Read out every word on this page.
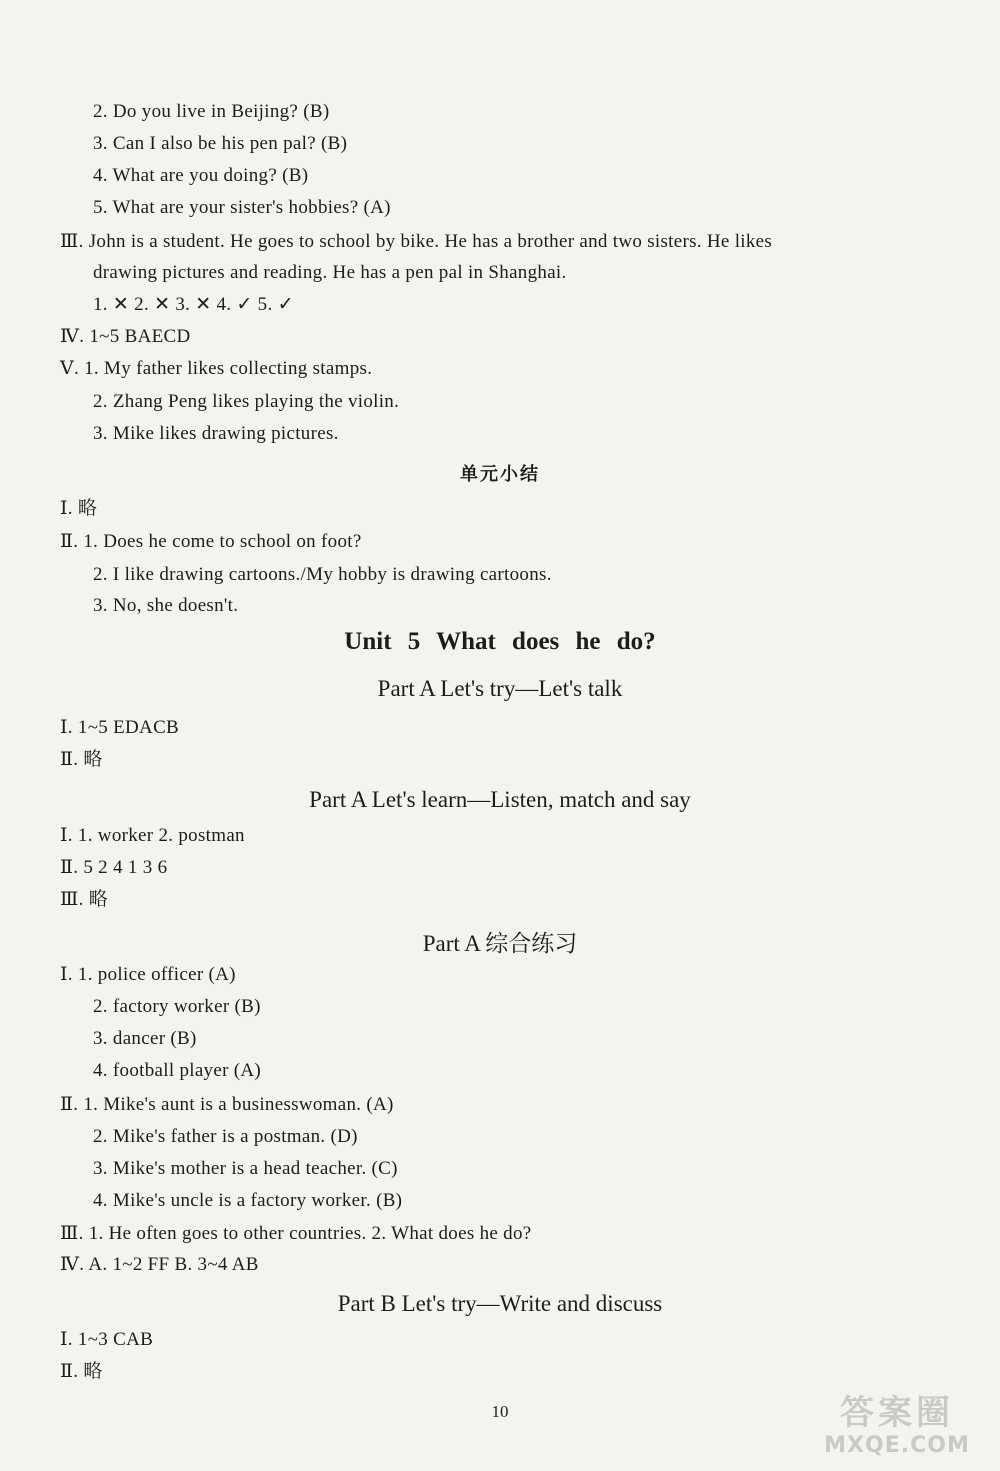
2. Do you live in Beijing? (B)
3. Can I also be his pen pal? (B)
4. What are you doing? (B)
5. What are your sister's hobbies? (A)
Ⅲ. John is a student. He goes to school by bike. He has a brother and two sisters. He likes
drawing pictures and reading. He has a pen pal in Shanghai.
1. ✕ 2. ✕ 3. ✕ 4. ✓ 5. ✓
Ⅳ. 1~5 BAECD
Ⅴ. 1. My father likes collecting stamps.
2. Zhang Peng likes playing the violin.
3. Mike likes drawing pictures.
单元小结
Ⅰ. 略
Ⅱ. 1. Does he come to school on foot?
2. I like drawing cartoons./My hobby is drawing cartoons.
3. No, she doesn't.
Unit 5 What does he do?
Part A Let's try—Let's talk
Ⅰ. 1~5 EDACB
Ⅱ. 略
Part A Let's learn—Listen, match and say
Ⅰ. 1. worker 2. postman
Ⅱ. 5 2 4 1 3 6
Ⅲ. 略
Part A 综合练习
Ⅰ. 1. police officer (A)
2. factory worker (B)
3. dancer (B)
4. football player (A)
Ⅱ. 1. Mike's aunt is a businesswoman. (A)
2. Mike's father is a postman. (D)
3. Mike's mother is a head teacher. (C)
4. Mike's uncle is a factory worker. (B)
Ⅲ. 1. He often goes to other countries. 2. What does he do?
Ⅳ. A. 1~2 FF B. 3~4 AB
Part B Let's try—Write and discuss
Ⅰ. 1~3 CAB
Ⅱ. 略
10	答案圈
MXQE.COM
